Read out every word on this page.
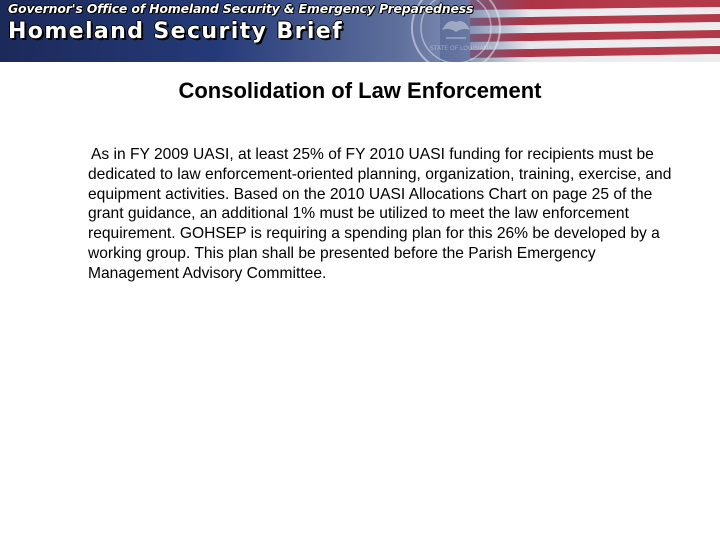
STATE OF LOUISIANA
Governor's Office of Homeland Security & Emergency Preparedness
Homeland Security Brief
Consolidation of Law Enforcement

As in FY 2009 UASI, at least 25% of FY 2010 UASI funding for recipients must be dedicated to law enforcement-oriented planning, organization, training, exercise, and equipment activities. Based on the 2010 UASI Allocations Chart on page 25 of the grant guidance, an additional 1% must be utilized to meet the law enforcement requirement. GOHSEP is requiring a spending plan for this 26% be developed by a working group. This plan shall be presented before the Parish Emergency Management Advisory Committee.
